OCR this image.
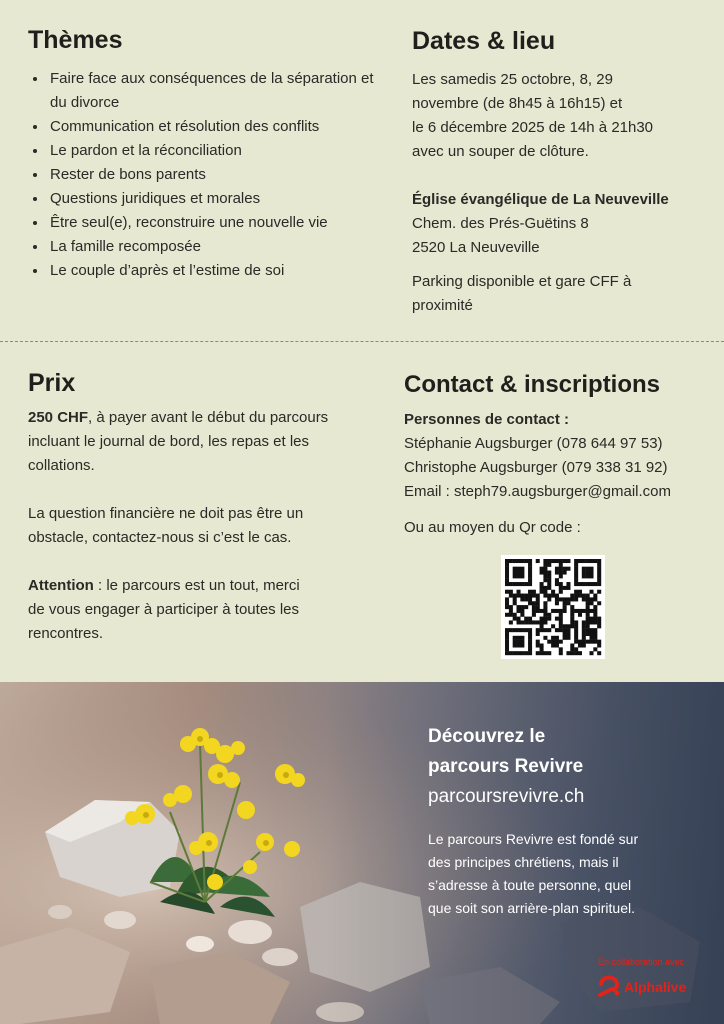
Thèmes
• Faire face aux conséquences de la séparation et du divorce
• Communication et résolution des conflits
• Le pardon et la réconciliation
• Rester de bons parents
• Questions juridiques et morales
• Être seul(e), reconstruire une nouvelle vie
• La famille recomposée
• Le couple d’après et l’estime de soi
Dates & lieu

Les samedis 25 octobre, 8, 29

novembre (de 8h45 à 16h15) et

le 6 décembre 2025 de 14h à 21h30

avec un souper de clôture.

Église évangélique de La Neuveville

Chem. des Prés-Guëtins 8

2520 La Neuveville

Parking disponible et gare CFF à

proximité

Prix

250 CHF, à payer avant le début du parcours

incluant le journal de bord, les repas et les

collations.

La question financière ne doit pas être un

obstacle, contactez-nous si c’est le cas.

Attention : le parcours est un tout, merci

de vous engager à participer à toutes les

rencontres.

Contact & inscriptions

Personnes de contact :

Stéphanie Augsburger (078 644 97 53)

Christophe Augsburger (079 338 31 92)

Email : steph79.augsburger@gmail.com

Ou au moyen du Qr code :

Découvrez le
parcours Revivre
parcoursrevivre.ch
Le parcours Revivre est fondé sur
des principes chrétiens, mais il
s’adresse à toute personne, quel
que soit son arrière-plan spirituel.
En collaboration avec
Alphalive
